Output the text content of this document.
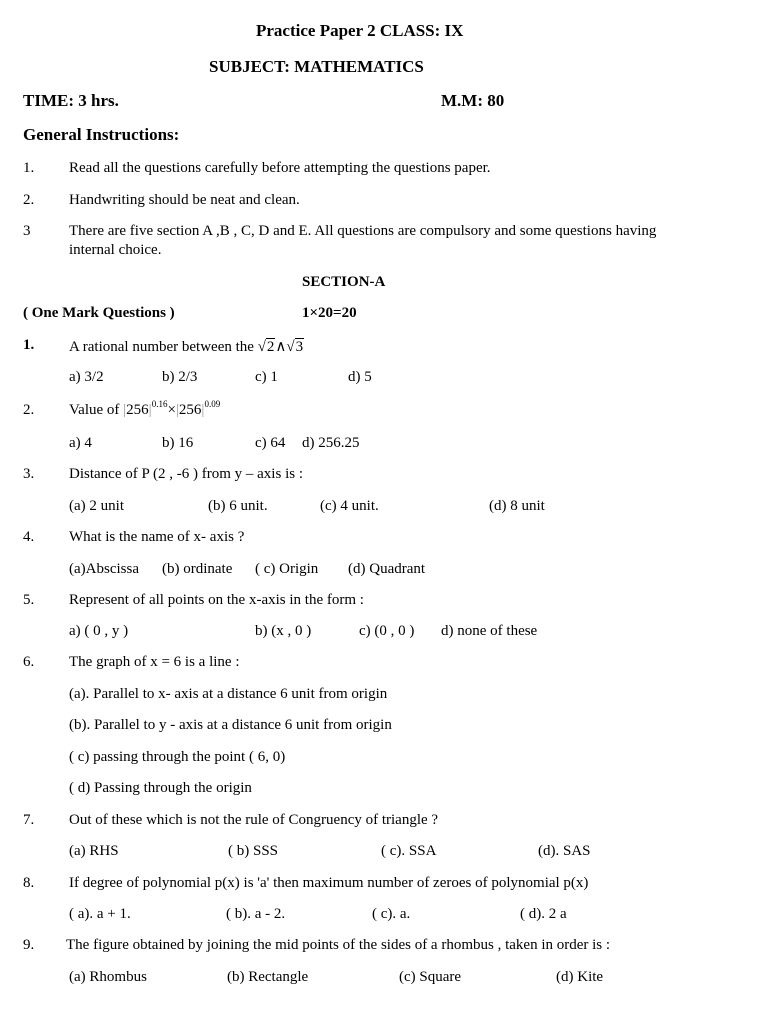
Practice Paper 2 CLASS: IX
SUBJECT: MATHEMATICS
TIME: 3 hrs.	M.M: 80
General Instructions:
1. Read all the questions carefully before attempting the questions paper.
2. Handwriting should be neat and clean.
3	There are five section A ,B , C, D and E. All questions are compulsory and some questions having
internal choice.
SECTION-A
( One Mark Questions )	1×20=20
1. A rational number between the √2∧√3
a) 3/2	b) 2/3	c) 1	d) 5
2. Value of $|256|^{0.16}\times|256|^{0.09}$
a) 4	b) 16	c) 64 d) 256.25
3. Distance of P (2 , -6 ) from y – axis is :
(a) 2 unit	(b) 6 unit.	(c) 4 unit.	(d) 8 unit
4. What is the name of x- axis ?
(a)Abscissa (b) ordinate ( c) Origin (d) Quadrant
5. Represent of all points on the x-axis in the form :
a) ( 0 , y )	b) (x , 0 )	c) (0 , 0 ) d) none of these
6. The graph of x = 6 is a line :
(a). Parallel to x- axis at a distance 6 unit from origin
(b). Parallel to y - axis at a distance 6 unit from origin
( c) passing through the point ( 6, 0)
( d) Passing through the origin
7. Out of these which is not the rule of Congruency of triangle ?
(a) RHS	( b) SSS	( c). SSA	(d). SAS
8. If degree of polynomial p(x) is 'a' then maximum number of zeroes of polynomial p(x)
( a). a + 1.	( b). a - 2.	( c). a.	( d). 2 a
9. The figure obtained by joining the mid points of the sides of a rhombus , taken in order is :
(a) Rhombus	(b) Rectangle	(c) Square	(d) Kite
